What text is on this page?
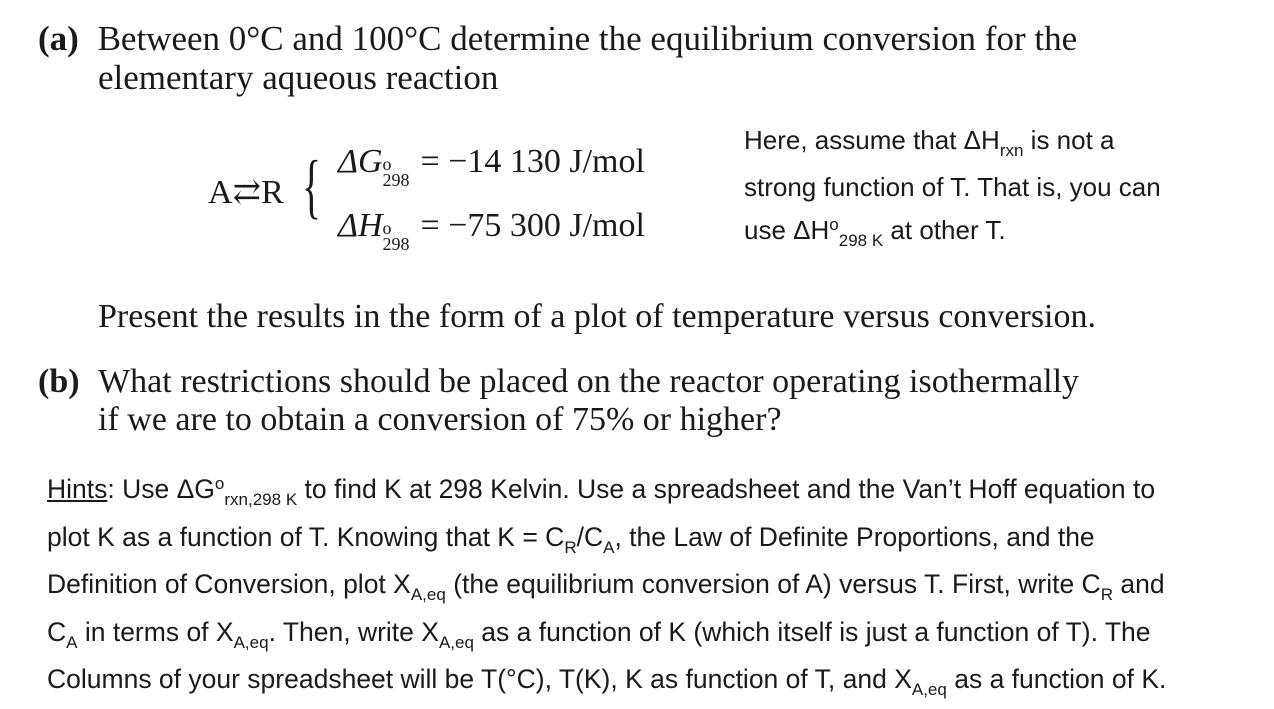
(a) Between 0°C and 100°C determine the equilibrium conversion for the
elementary aqueous reaction
A⇄R { ΔG o
298 = −14 130 J/mol
ΔH o
298 = −75 300 J/mol
Here, assume that $\Delta H_{rxn}$ is not a
strong function of T. That is, you can
use $\Delta H^o_{298 K}$ at other T.
Present the results in the form of a plot of temperature versus conversion.
(b) What restrictions should be placed on the reactor operating isothermally
if we are to obtain a conversion of 75% or higher?
Hints: Use $\Delta G^o_{rxn,298 K}$ to find K at 298 Kelvin. Use a spreadsheet and the Van’t Hoff equation to
plot K as a function of T. Knowing that $K = C_R/C_A$, the Law of Definite Proportions, and the
Definition of Conversion, plot $X_{A,eq}$ (the equilibrium conversion of A) versus T. First, write $C_R$ and
$C_A$ in terms of $X_{A,eq}$. Then, write $X_{A,eq}$ as a function of K (which itself is just a function of T). The
Columns of your spreadsheet will be T(°C), T(K), K as function of T, and $X_{A,eq}$ as a function of K.
